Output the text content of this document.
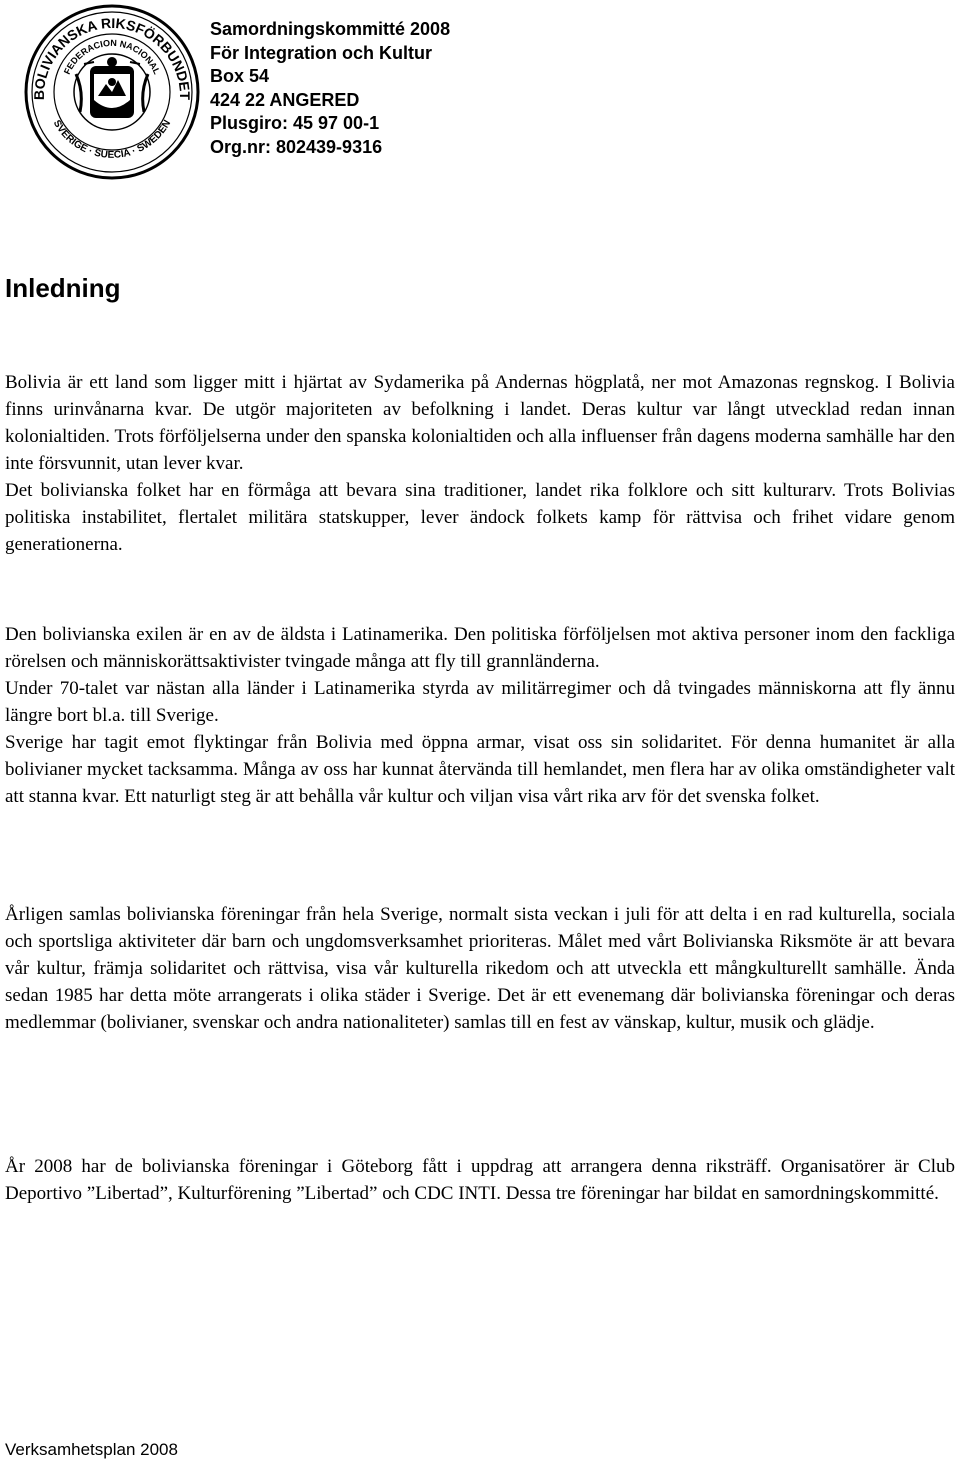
BOLIVIANSKA RIKSFÖRBUNDET
FEDERACION NACIONAL
SVERIGE · SUECIA · SWEDEN
Samordningskommitté 2008
För Integration och Kultur
Box 54
424 22 ANGERED
Plusgiro: 45 97 00-1
Org.nr: 802439-9316
Inledning

Bolivia är ett land som ligger mitt i hjärtat av Sydamerika på Andernas högplatå, ner mot Amazonas regnskog. I Bolivia finns urinvånarna kvar. De utgör majoriteten av befolkning i landet. Deras kultur var långt utvecklad redan innan kolonialtiden. Trots förföljelserna under den spanska kolonialtiden och alla influenser från dagens moderna samhälle har den inte försvunnit, utan lever kvar.

Det bolivianska folket har en förmåga att bevara sina traditioner, landet rika folklore och sitt kulturarv. Trots Bolivias politiska instabilitet, flertalet militära statskupper, lever ändock folkets kamp för rättvisa och frihet vidare genom generationerna.

Den bolivianska exilen är en av de äldsta i Latinamerika. Den politiska förföljelsen mot aktiva personer inom den fackliga rörelsen och människorättsaktivister tvingade många att fly till grannländerna.

Under 70-talet var nästan alla länder i Latinamerika styrda av militärregimer och då tvingades människorna att fly ännu längre bort bl.a. till Sverige.

Sverige har tagit emot flyktingar från Bolivia med öppna armar, visat oss sin solidaritet. För denna humanitet är alla bolivianer mycket tacksamma. Många av oss har kunnat återvända till hemlandet, men flera har av olika omständigheter valt att stanna kvar. Ett naturligt steg är att behålla vår kultur och viljan visa vårt rika arv för det svenska folket.

Årligen samlas bolivianska föreningar från hela Sverige, normalt sista veckan i juli för att delta i en rad kulturella, sociala och sportsliga aktiviteter där barn och ungdomsverksamhet prioriteras. Målet med vårt Bolivianska Riksmöte är att bevara vår kultur, främja solidaritet och rättvisa, visa vår kulturella rikedom och att utveckla ett mångkulturellt samhälle. Ända sedan 1985 har detta möte arrangerats i olika städer i Sverige. Det är ett evenemang där bolivianska föreningar och deras medlemmar (bolivianer, svenskar och andra nationaliteter) samlas till en fest av vänskap, kultur, musik och glädje.

År 2008 har de bolivianska föreningar i Göteborg fått i uppdrag att arrangera denna riksträff. Organisatörer är Club Deportivo ”Libertad”, Kulturförening ”Libertad” och CDC INTI. Dessa tre föreningar har bildat en samordningskommitté.

Verksamhetsplan 2008
